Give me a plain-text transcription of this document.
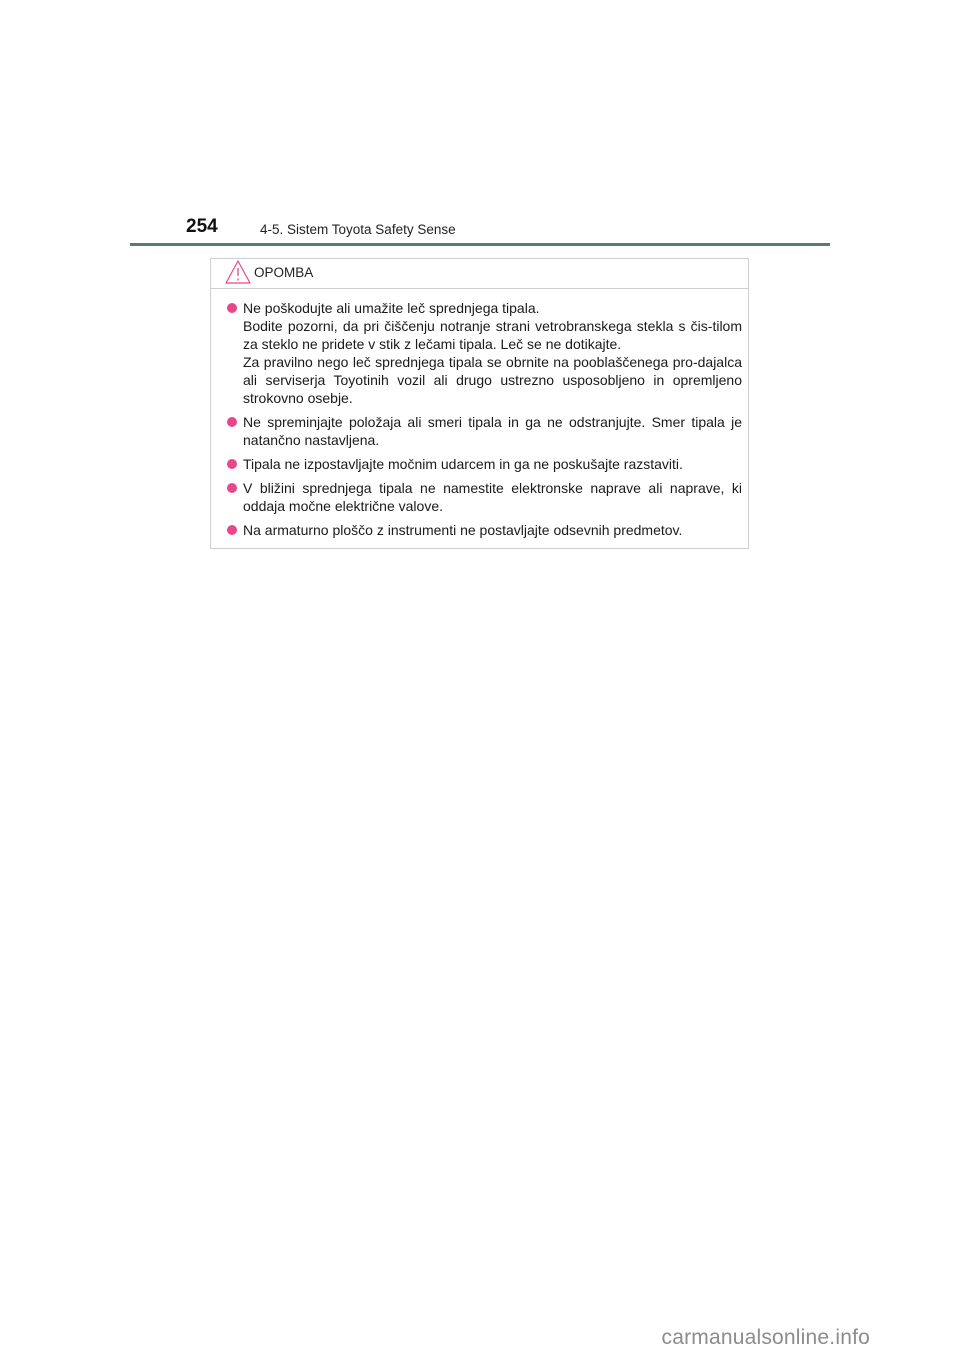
254	4-5. Sistem Toyota Safety Sense
OPOMBA
Ne poškodujte ali umažite leč sprednjega tipala.
Bodite pozorni, da pri čiščenju notranje strani vetrobranskega stekla s čis-tilom za steklo ne pridete v stik z lečami tipala. Leč se ne dotikajte.
Za pravilno nego leč sprednjega tipala se obrnite na pooblaščenega pro-dajalca ali serviserja Toyotinih vozil ali drugo ustrezno usposobljeno in opremljeno strokovno osebje.
Ne spreminjajte položaja ali smeri tipala in ga ne odstranjujte. Smer tipala je natančno nastavljena.
Tipala ne izpostavljajte močnim udarcem in ga ne poskušajte razstaviti.
V bližini sprednjega tipala ne namestite elektronske naprave ali naprave, ki oddaja močne električne valove.
Na armaturno ploščo z instrumenti ne postavljajte odsevnih predmetov.
carmanualsonline.info
